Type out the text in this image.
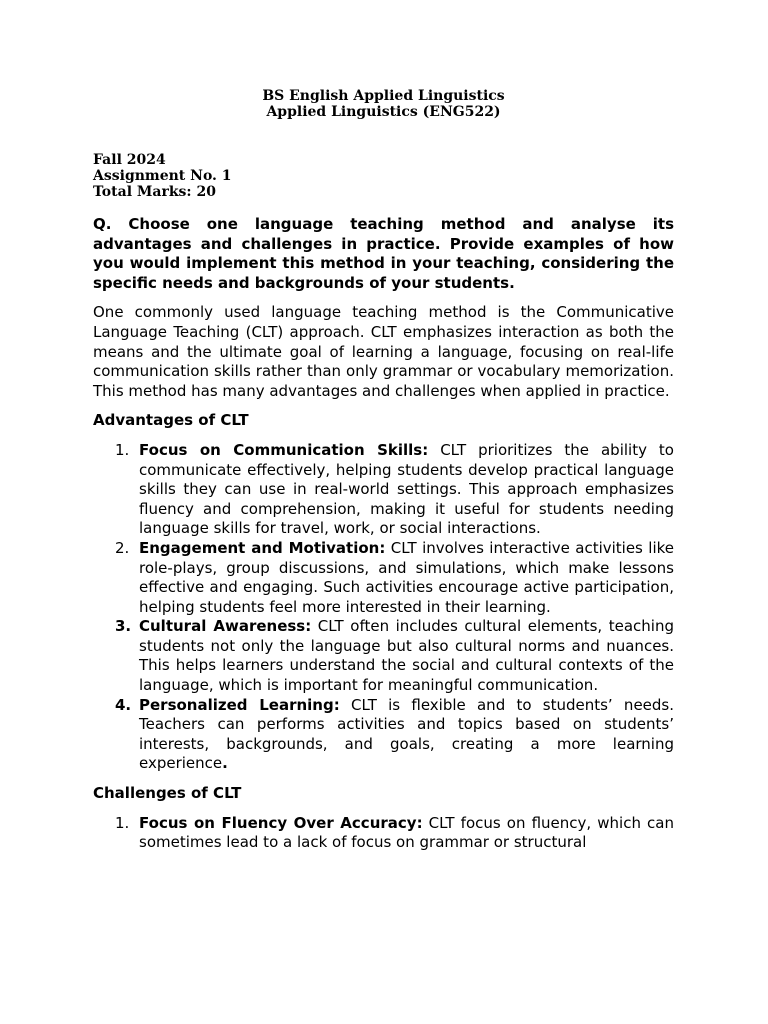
BS English Applied Linguistics
Applied Linguistics (ENG522)
Fall 2024
Assignment No. 1
Total Marks: 20
Q. Choose one language teaching method and analyse its advantages and challenges in practice. Provide examples of how you would implement this method in your teaching, considering the specific needs and backgrounds of your students.
One commonly used language teaching method is the Communicative Language Teaching (CLT) approach. CLT emphasizes interaction as both the means and the ultimate goal of learning a language, focusing on real-life communication skills rather than only grammar or vocabulary memorization. This method has many advantages and challenges when applied in practice.
Advantages of CLT
1. Focus on Communication Skills: CLT prioritizes the ability to communicate effectively, helping students develop practical language skills they can use in real-world settings. This approach emphasizes fluency and comprehension, making it useful for students needing language skills for travel, work, or social interactions.
2. Engagement and Motivation: CLT involves interactive activities like role-plays, group discussions, and simulations, which make lessons effective and engaging. Such activities encourage active participation, helping students feel more interested in their learning.
3. Cultural Awareness: CLT often includes cultural elements, teaching students not only the language but also cultural norms and nuances. This helps learners understand the social and cultural contexts of the language, which is important for meaningful communication.
4. Personalized Learning: CLT is flexible and to students’ needs. Teachers can performs activities and topics based on students’ interests, backgrounds, and goals, creating a more learning experience.
Challenges of CLT
1. Focus on Fluency Over Accuracy: CLT focus on fluency, which can sometimes lead to a lack of focus on grammar or structural
